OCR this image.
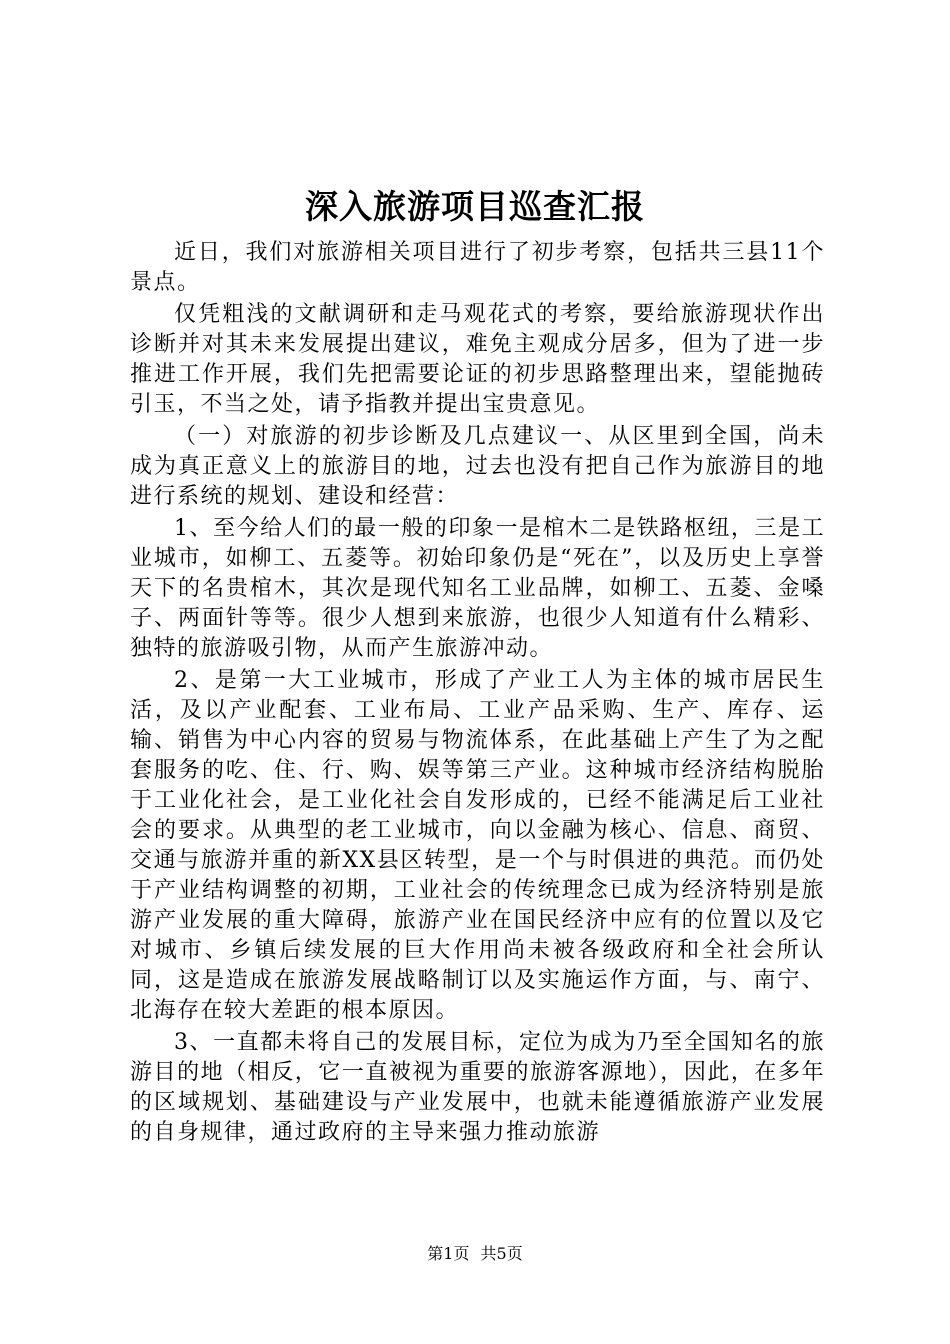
深入旅游项目巡查汇报

近日，我们对旅游相关项目进行了初步考察，包括共三县11个景点。

仅凭粗浅的文献调研和走马观花式的考察，要给旅游现状作出诊断并对其未来发展提出建议，难免主观成分居多，但为了进一步推进工作开展，我们先把需要论证的初步思路整理出来，望能抛砖引玉，不当之处，请予指教并提出宝贵意见。

（一）对旅游的初步诊断及几点建议一、从区里到全国，尚未成为真正意义上的旅游目的地，过去也没有把自己作为旅游目的地进行系统的规划、建设和经营：

1、至今给人们的最一般的印象一是棺木二是铁路枢纽，三是工业城市，如柳工、五菱等。初始印象仍是“死在”，以及历史上享誉天下的名贵棺木，其次是现代知名工业品牌，如柳工、五菱、金嗓子、两面针等等。很少人想到来旅游，也很少人知道有什么精彩、独特的旅游吸引物，从而产生旅游冲动。

2、是第一大工业城市，形成了产业工人为主体的城市居民生活，及以产业配套、工业布局、工业产品采购、生产、库存、运输、销售为中心内容的贸易与物流体系，在此基础上产生了为之配套服务的吃、住、行、购、娱等第三产业。这种城市经济结构脱胎于工业化社会，是工业化社会自发形成的，已经不能满足后工业社会的要求。从典型的老工业城市，向以金融为核心、信息、商贸、交通与旅游并重的新XX县区转型，是一个与时俱进的典范。而仍处于产业结构调整的初期，工业社会的传统理念已成为经济特别是旅游产业发展的重大障碍，旅游产业在国民经济中应有的位置以及它对城市、乡镇后续发展的巨大作用尚未被各级政府和全社会所认同，这是造成在旅游发展战略制订以及实施运作方面，与、南宁、北海存在较大差距的根本原因。

3、一直都未将自己的发展目标，定位为成为乃至全国知名的旅游目的地（相反，它一直被视为重要的旅游客源地），因此，在多年的区域规划、基础建设与产业发展中，也就未能遵循旅游产业发展的自身规律，通过政府的主导来强力推动旅游

第1页 共5页
